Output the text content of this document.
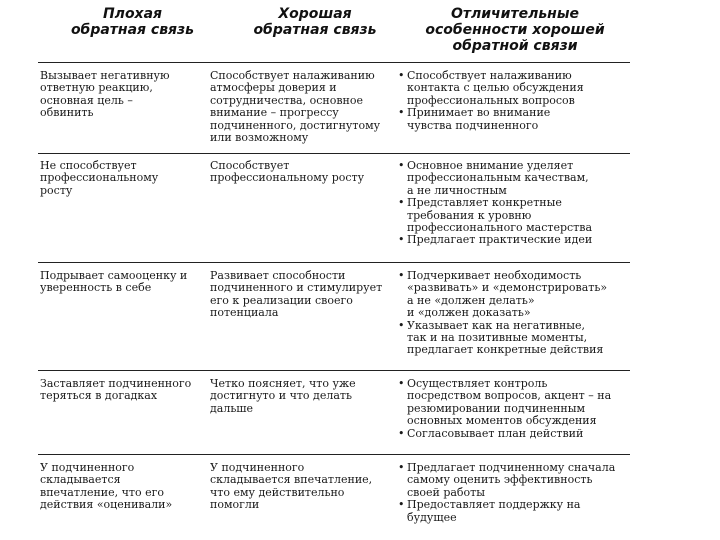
Плохая
обратная связь
Хорошая
обратная связь
Отличительные
особенности хорошей
обратной связи
Вызывает негативную
ответную реакцию,
основная цель –
обвинить
Способствует налаживанию
атмосферы доверия и
сотрудничества, основное
внимание – прогрессу
подчиненного, достигнутому
или возможному
• Способствует налаживанию
контакта с целью обсуждения
профессиональных вопросов
• Принимает во внимание
чувства подчиненного
Не способствует
профессиональному
росту
Способствует
профессиональному росту
• Основное внимание уделяет
профессиональным качествам,
а не личностным
• Представляет конкретные
требования к уровню
профессионального мастерства
• Предлагает практические идеи
Подрывает самооценку и
уверенность в себе
Развивает способности
подчиненного и стимулирует
его к реализации своего
потенциала
• Подчеркивает необходимость
«развивать» и «демонстрировать»
а не «должен делать»
и «должен доказать»
• Указывает как на негативные,
так и на позитивные моменты,
предлагает конкретные действия
Заставляет подчиненного
теряться в догадках
Четко поясняет, что уже
достигнуто и что делать
дальше
• Осуществляет контроль
посредством вопросов, акцент – на
резюмировании подчиненным
основных моментов обсуждения
• Согласовывает план действий
У подчиненного
складывается
впечатление, что его
действия «оценивали»
У подчиненного
складывается впечатление,
что ему действительно
помогли
• Предлагает подчиненному сначала
самому оценить эффективность
своей работы
• Предоставляет поддержку на
будущее
